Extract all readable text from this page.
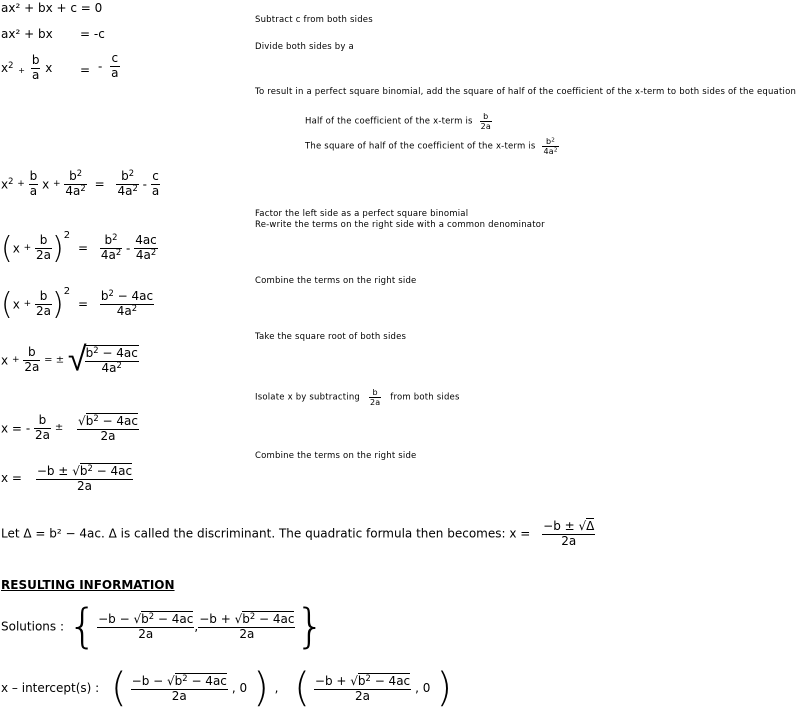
ax² + bx + c = 0
ax² + bx = -c
$x^2$
+
$\frac{b}{a}$ x = - $\frac{c}{a}$
Subtract c from both sides
Divide both sides by a
To result in a perfect square binomial, add the square of half of the coefficient of the x-term to both sides of the equation
Half of the coefficient of the x-term is $\frac{b}{2a}$
The square of half of the coefficient of the x-term is $\frac{b^2}{4a^2}$
$x^2 + \frac{b}{a}$ $x + \frac{b^2}{4a^2} = \frac{b^2}{4a^2} - \frac{c}{a}$
Factor the left side as a perfect square binomial
Re-write the terms on the right side with a common denominator
$(x + \frac{b}{2a} )^2 = \frac{b^2}{4a^2} - \frac{4ac}{4a^2}$
Combine the terms on the right side
$(x + \frac{b}{2a} )^2 = \frac{b^2 - 4ac}{4a^2}$
Take the square root of both sides
$x + \frac{b}{2a}$ = ± √
$\frac{b^2 - 4ac}{4a^2}$
Isolate x by subtracting $\frac{b}{2a}$ from both sides
x = - $\frac{b}{2a} \pm \frac{√b^2 - 4ac}{2a}$
Combine the terms on the right side
$x = \frac{-b \pm √b^2 - 4ac}{2a}$
Let Δ = b² − 4ac. Δ is called the discriminant. The quadratic formula then becomes: $x = \frac{-b \pm √\Delta}{2a}$
RESULTING INFORMATION
Solutions : { $\frac{-b - √b^2 - 4ac}{2a}$ , $\frac{-b + √b^2 - 4ac}{2a}$ }
x – intercept(s) : ( $\frac{-b - √b^2 - 4ac}{2a}$ , 0 ) , ( $\frac{-b + √b^2 - 4ac}{2a}$ , 0 )
